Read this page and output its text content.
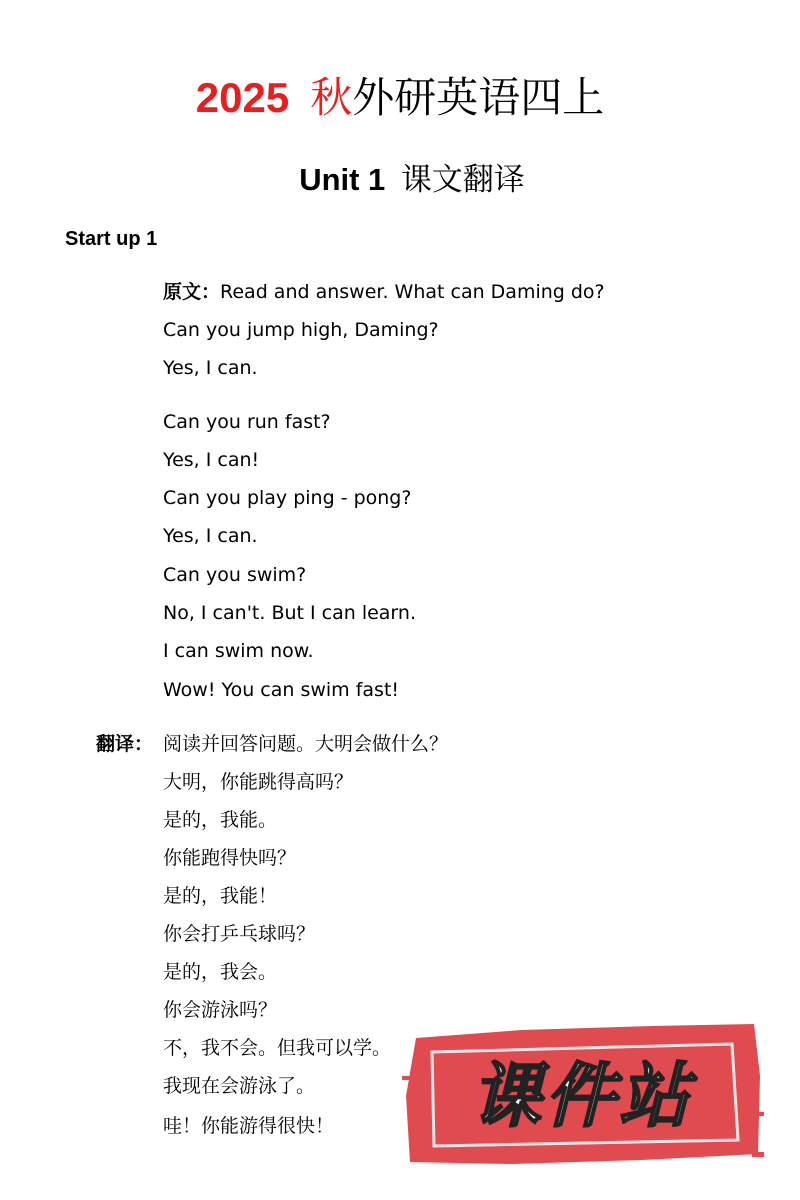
2025 秋外研英语四上
Unit 1 课文翻译
Start up 1
原文：Read and answer. What can Daming do?
Can you jump high, Daming?
Yes, I can.
Can you run fast?
Yes, I can!
Can you play ping - pong?
Yes, I can.
Can you swim?
No, I can't. But I can learn.
I can swim now.
Wow! You can swim fast!
翻译： 阅读并回答问题。大明会做什么？
大明，你能跳得高吗？
是的，我能。
你能跑得快吗？
是的，我能！
你会打乒乓球吗？
是的，我会。
你会游泳吗？
不，我不会。但我可以学。
我现在会游泳了。
哇！你能游得很快！ 课件站
